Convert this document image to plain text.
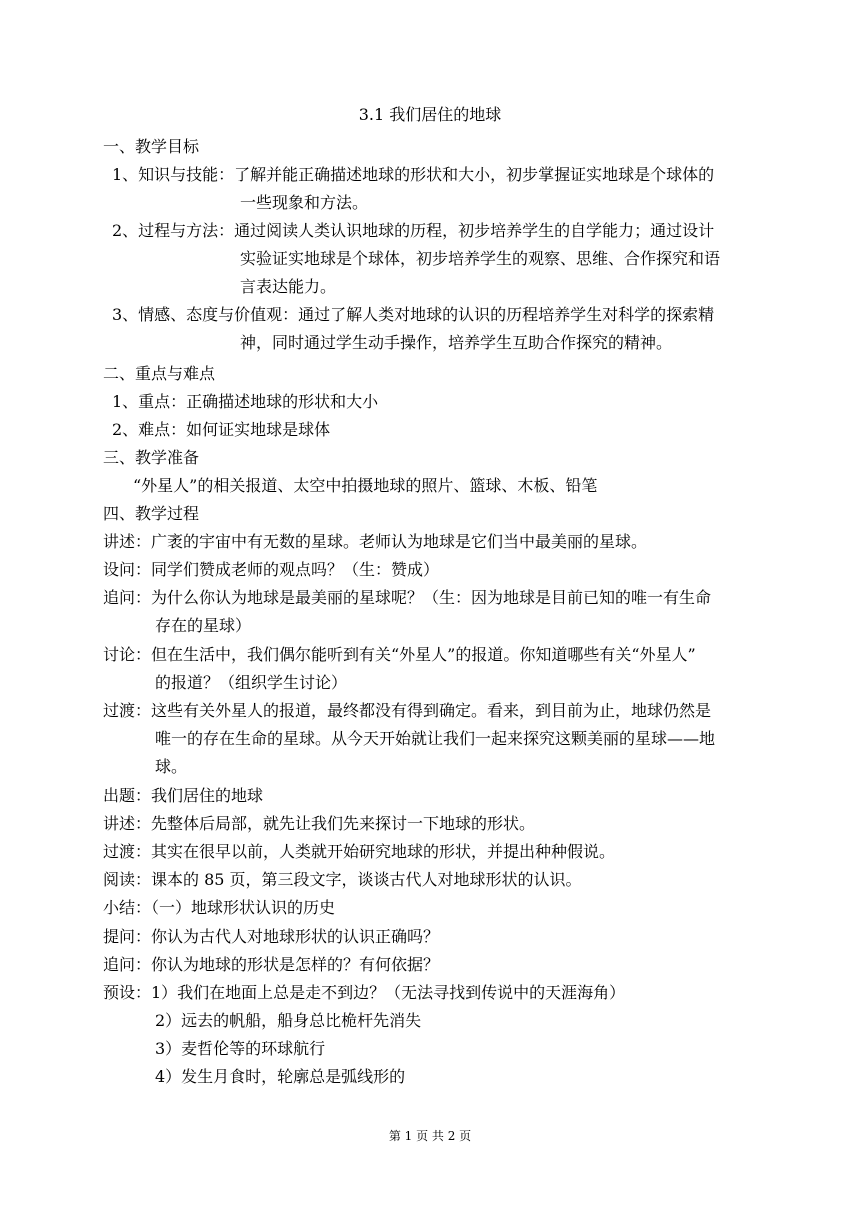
3.1 我们居住的地球
一、教学目标
1、知识与技能：了解并能正确描述地球的形状和大小，初步掌握证实地球是个球体的
一些现象和方法。
2、过程与方法：通过阅读人类认识地球的历程，初步培养学生的自学能力；通过设计
实验证实地球是个球体，初步培养学生的观察、思维、合作探究和语
言表达能力。
3、情感、态度与价值观：通过了解人类对地球的认识的历程培养学生对科学的探索精
神，同时通过学生动手操作，培养学生互助合作探究的精神。
二、重点与难点
1、重点：正确描述地球的形状和大小
2、难点：如何证实地球是球体
三、教学准备
“外星人”的相关报道、太空中拍摄地球的照片、篮球、木板、铅笔
四、教学过程
讲述：广袤的宇宙中有无数的星球。老师认为地球是它们当中最美丽的星球。
设问：同学们赞成老师的观点吗？（生：赞成）
追问：为什么你认为地球是最美丽的星球呢？（生：因为地球是目前已知的唯一有生命
存在的星球）
讨论：但在生活中，我们偶尔能听到有关“外星人”的报道。你知道哪些有关“外星人”
的报道？（组织学生讨论）
过渡：这些有关外星人的报道，最终都没有得到确定。看来，到目前为止，地球仍然是
唯一的存在生命的星球。从今天开始就让我们一起来探究这颗美丽的星球——地
球。
出题：我们居住的地球
讲述：先整体后局部，就先让我们先来探讨一下地球的形状。
过渡：其实在很早以前，人类就开始研究地球的形状，并提出种种假说。
阅读：课本的 85 页，第三段文字，谈谈古代人对地球形状的认识。
小结：（一）地球形状认识的历史
提问：你认为古代人对地球形状的认识正确吗？
追问：你认为地球的形状是怎样的？有何依据？
预设：1）我们在地面上总是走不到边？（无法寻找到传说中的天涯海角）
2）远去的帆船，船身总比桅杆先消失
3）麦哲伦等的环球航行
4）发生月食时，轮廓总是弧线形的
第 1 页 共 2 页
